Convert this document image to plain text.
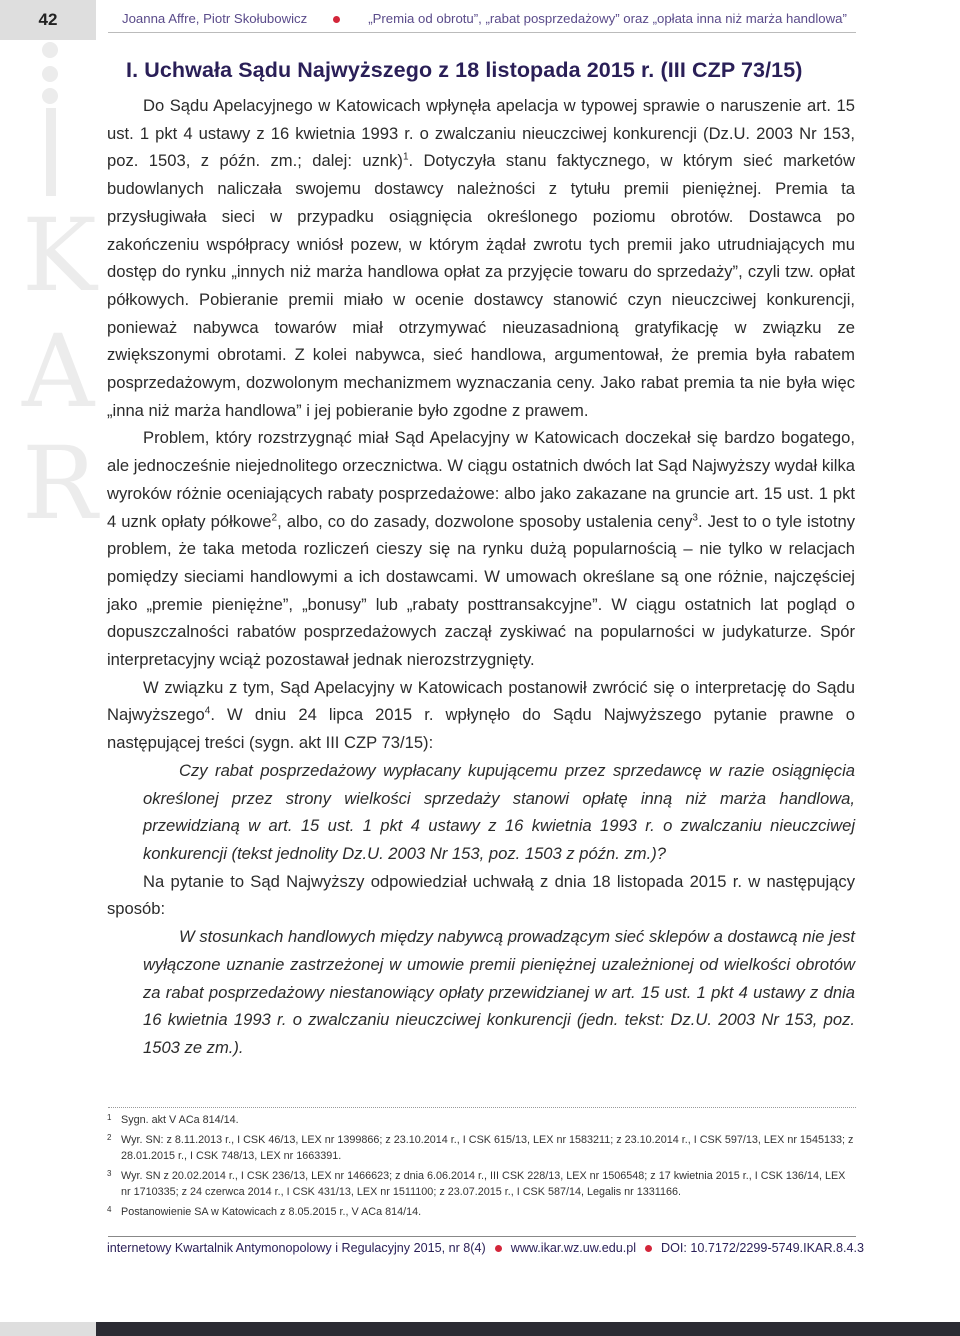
42	Joanna Affre, Piotr Skołubowicz	„Premia od obrotu”, „rabat posprzedażowy” oraz „opłata inna niż marża handlowa”
K
A
R
I. Uchwała Sądu Najwyższego z 18 listopada 2015 r. (III CZP 73/15)

Do Sądu Apelacyjnego w Katowicach wpłynęła apelacja w typowej sprawie o naruszenie art. 15 ust. 1 pkt 4 ustawy z 16 kwietnia 1993 r. o zwalczaniu nieuczciwej konkurencji (Dz.U. 2003 Nr 153, poz. 1503, z późn. zm.; dalej: uznk)$^1$. Dotyczyła stanu faktycznego, w którym sieć marketów budowlanych naliczała swojemu dostawcy należności z tytułu premii pieniężnej. Premia ta przysługiwała sieci w przypadku osiągnięcia określonego poziomu obrotów. Dostawca po zakończeniu współpracy wniósł pozew, w którym żądał zwrotu tych premii jako utrudniających mu dostęp do rynku „innych niż marża handlowa opłat za przyjęcie towaru do sprzedaży”, czyli tzw. opłat półkowych. Pobieranie premii miało w ocenie dostawcy stanowić czyn nieuczciwej konkurencji, ponieważ nabywca towarów miał otrzymywać nieuzasadnioną gratyfikację w związku ze zwiększonymi obrotami. Z kolei nabywca, sieć handlowa, argumentował, że premia była rabatem posprzedażowym, dozwolonym mechanizmem wyznaczania ceny. Jako rabat premia ta nie była więc „inna niż marża handlowa” i jej pobieranie było zgodne z prawem.

Problem, który rozstrzygnąć miał Sąd Apelacyjny w Katowicach doczekał się bardzo bogatego, ale jednocześnie niejednolitego orzecznictwa. W ciągu ostatnich dwóch lat Sąd Najwyższy wydał kilka wyroków różnie oceniających rabaty posprzedażowe: albo jako zakazane na gruncie art. 15 ust. 1 pkt 4 uznk opłaty półkowe$^2$, albo, co do zasady, dozwolone sposoby ustalenia ceny$^3$. Jest to o tyle istotny problem, że taka metoda rozliczeń cieszy się na rynku dużą popularnością – nie tylko w relacjach pomiędzy sieciami handlowymi a ich dostawcami. W umowach określane są one różnie, najczęściej jako „premie pieniężne”, „bonusy” lub „rabaty posttransakcyjne”. W ciągu ostatnich lat pogląd o dopuszczalności rabatów posprzedażowych zaczął zyskiwać na popularności w judykaturze. Spór interpretacyjny wciąż pozostawał jednak nierozstrzygnięty.

W związku z tym, Sąd Apelacyjny w Katowicach postanowił zwrócić się o interpretację do Sądu Najwyższego$^4$. W dniu 24 lipca 2015 r. wpłynęło do Sądu Najwyższego pytanie prawne o następującej treści (sygn. akt III CZP 73/15):

Czy rabat posprzedażowy wypłacany kupującemu przez sprzedawcę w razie osiągnięcia określonej przez strony wielkości sprzedaży stanowi opłatę inną niż marża handlowa, przewidzianą w art. 15 ust. 1 pkt 4 ustawy z 16 kwietnia 1993 r. o zwalczaniu nieuczciwej konkurencji (tekst jednolity Dz.U. 2003 Nr 153, poz. 1503 z późn. zm.)?

Na pytanie to Sąd Najwyższy odpowiedział uchwałą z dnia 18 listopada 2015 r. w następujący sposób:

W stosunkach handlowych między nabywcą prowadzącym sieć sklepów a dostawcą nie jest wyłączone uznanie zastrzeżonej w umowie premii pieniężnej uzależnionej od wielkości obrotów za rabat posprzedażowy niestanowiący opłaty przewidzianej w art. 15 ust. 1 pkt 4 ustawy z dnia 16 kwietnia 1993 r. o zwalczaniu nieuczciwej konkurencji (jedn. tekst: Dz.U. 2003 Nr 153, poz. 1503 ze zm.).

1 Sygn. akt V ACa 814/14.
2 Wyr. SN: z 8.11.2013 r., I CSK 46/13, LEX nr 1399866; z 23.10.2014 r., I CSK 615/13, LEX nr 1583211; z 23.10.2014 r., I CSK 597/13, LEX nr 1545133; z 28.01.2015 r., I CSK 748/13, LEX nr 1663391.
3 Wyr. SN z 20.02.2014 r., I CSK 236/13, LEX nr 1466623; z dnia 6.06.2014 r., III CSK 228/13, LEX nr 1506548; z 17 kwietnia 2015 r., I CSK 136/14, LEX nr 1710335; z 24 czerwca 2014 r., I CSK 431/13, LEX nr 1511100; z 23.07.2015 r., I CSK 587/14, Legalis nr 1331166.
4 Postanowienie SA w Katowicach z 8.05.2015 r., V ACa 814/14.
internetowy Kwartalnik Antymonopolowy i Regulacyjny 2015, nr 8(4) www.ikar.wz.uw.edu.pl DOI: 10.7172/2299-5749.IKAR.8.4.3
